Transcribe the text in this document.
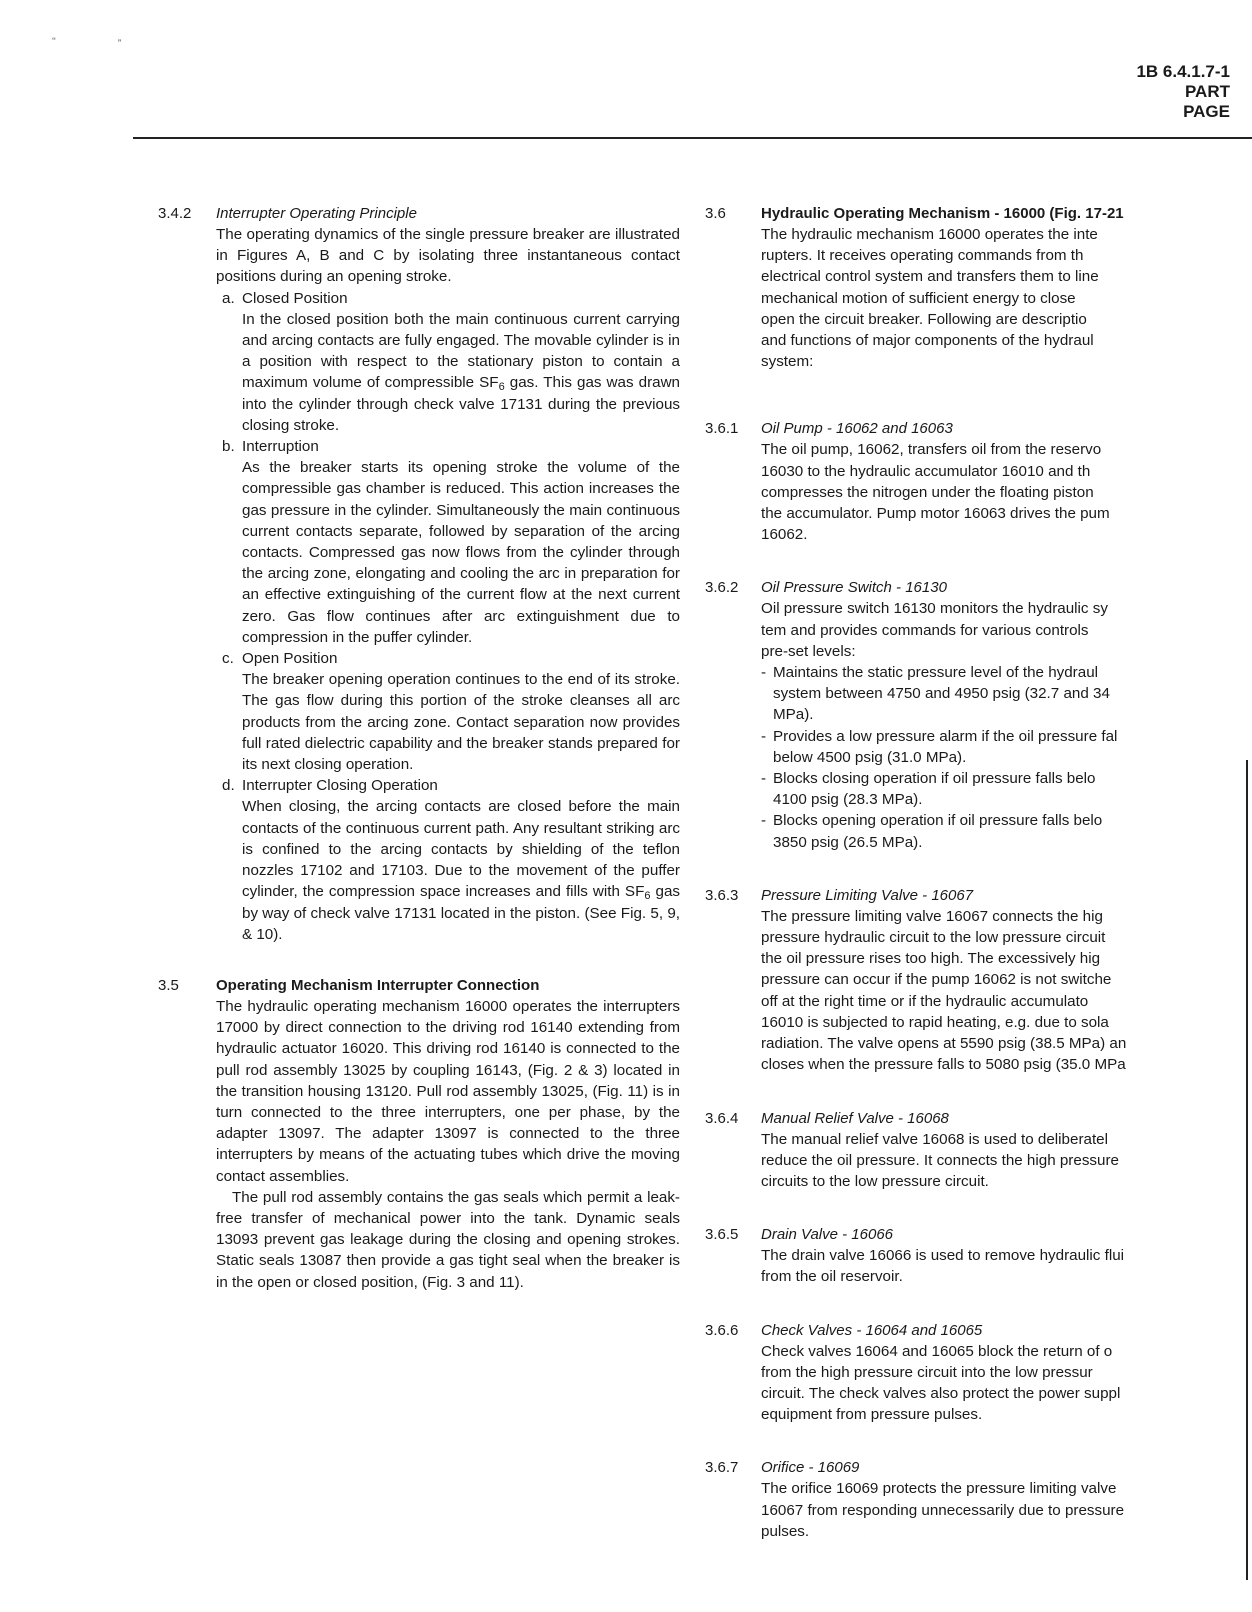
‘‘	”
1B 6.4.1.7-1
PART
PAGE
3.4.2 Interrupter Operating Principle

The operating dynamics of the single pressure breaker are illustrated in Figures A, B and C by isolating three instantaneous contact positions during an opening stroke.

a. Closed Position

In the closed position both the main continuous current carrying and arcing contacts are fully engaged. The movable cylinder is in a position with respect to the stationary piston to contain a maximum volume of compressible $SF_6$ gas. This gas was drawn into the cylinder through check valve 17131 during the previous closing stroke.

b. Interruption

As the breaker starts its opening stroke the volume of the compressible gas chamber is reduced. This action increases the gas pressure in the cylinder. Simultaneously the main continuous current contacts separate, followed by separation of the arcing contacts. Compressed gas now flows from the cylinder through the arcing zone, elongating and cooling the arc in preparation for an effective extinguishing of the current flow at the next current zero. Gas flow continues after arc extinguishment due to compression in the puffer cylinder.

c. Open Position

The breaker opening operation continues to the end of its stroke. The gas flow during this portion of the stroke cleanses all arc products from the arcing zone. Contact separation now provides full rated dielectric capability and the breaker stands prepared for its next closing operation.

d. Interrupter Closing Operation

When closing, the arcing contacts are closed before the main contacts of the continuous current path. Any resultant striking arc is confined to the arcing contacts by shielding of the teflon nozzles 17102 and 17103. Due to the movement of the puffer cylinder, the compression space increases and fills with $SF_6$ gas by way of check valve 17131 located in the piston. (See Fig. 5, 9, & 10).

3.5 Operating Mechanism Interrupter Connection

The hydraulic operating mechanism 16000 operates the interrupters 17000 by direct connection to the driving rod 16140 extending from hydraulic actuator 16020. This driving rod 16140 is connected to the pull rod assembly 13025 by coupling 16143, (Fig. 2 & 3) located in the transition housing 13120. Pull rod assembly 13025, (Fig. 11) is in turn connected to the three interrupters, one per phase, by the adapter 13097. The adapter 13097 is connected to the three interrupters by means of the actuating tubes which drive the moving contact assemblies.

The pull rod assembly contains the gas seals which permit a leak-free transfer of mechanical power into the tank. Dynamic seals 13093 prevent gas leakage during the closing and opening strokes. Static seals 13087 then provide a gas tight seal when the breaker is in the open or closed position, (Fig. 3 and 11).

3.6 Hydraulic Operating Mechanism - 16000 (Fig. 17-21

The hydraulic mechanism 16000 operates the inte

rupters. It receives operating commands from th

electrical control system and transfers them to line

mechanical motion of sufficient energy to close

open the circuit breaker. Following are descriptio

and functions of major components of the hydraul

system:

3.6.1 Oil Pump - 16062 and 16063

The oil pump, 16062, transfers oil from the reservo

16030 to the hydraulic accumulator 16010 and th

compresses the nitrogen under the floating piston

the accumulator. Pump motor 16063 drives the pum

16062.

3.6.2 Oil Pressure Switch - 16130

Oil pressure switch 16130 monitors the hydraulic sy

tem and provides commands for various controls

pre-set levels:

- Maintains the static pressure level of the hydraul
system between 4750 and 4950 psig (32.7 and 34
MPa).
- Provides a low pressure alarm if the oil pressure fal
below 4500 psig (31.0 MPa).
- Blocks closing operation if oil pressure falls belo
4100 psig (28.3 MPa).
- Blocks opening operation if oil pressure falls belo
3850 psig (26.5 MPa).
3.6.3 Pressure Limiting Valve - 16067

The pressure limiting valve 16067 connects the hig

pressure hydraulic circuit to the low pressure circuit

the oil pressure rises too high. The excessively hig

pressure can occur if the pump 16062 is not switche

off at the right time or if the hydraulic accumulato

16010 is subjected to rapid heating, e.g. due to sola

radiation. The valve opens at 5590 psig (38.5 MPa) an

closes when the pressure falls to 5080 psig (35.0 MPa

3.6.4 Manual Relief Valve - 16068

The manual relief valve 16068 is used to deliberatel

reduce the oil pressure. It connects the high pressure

circuits to the low pressure circuit.

3.6.5 Drain Valve - 16066

The drain valve 16066 is used to remove hydraulic flui

from the oil reservoir.

3.6.6 Check Valves - 16064 and 16065

Check valves 16064 and 16065 block the return of o

from the high pressure circuit into the low pressur

circuit. The check valves also protect the power suppl

equipment from pressure pulses.

3.6.7 Orifice - 16069

The orifice 16069 protects the pressure limiting valve

16067 from responding unnecessarily due to pressure

pulses.
